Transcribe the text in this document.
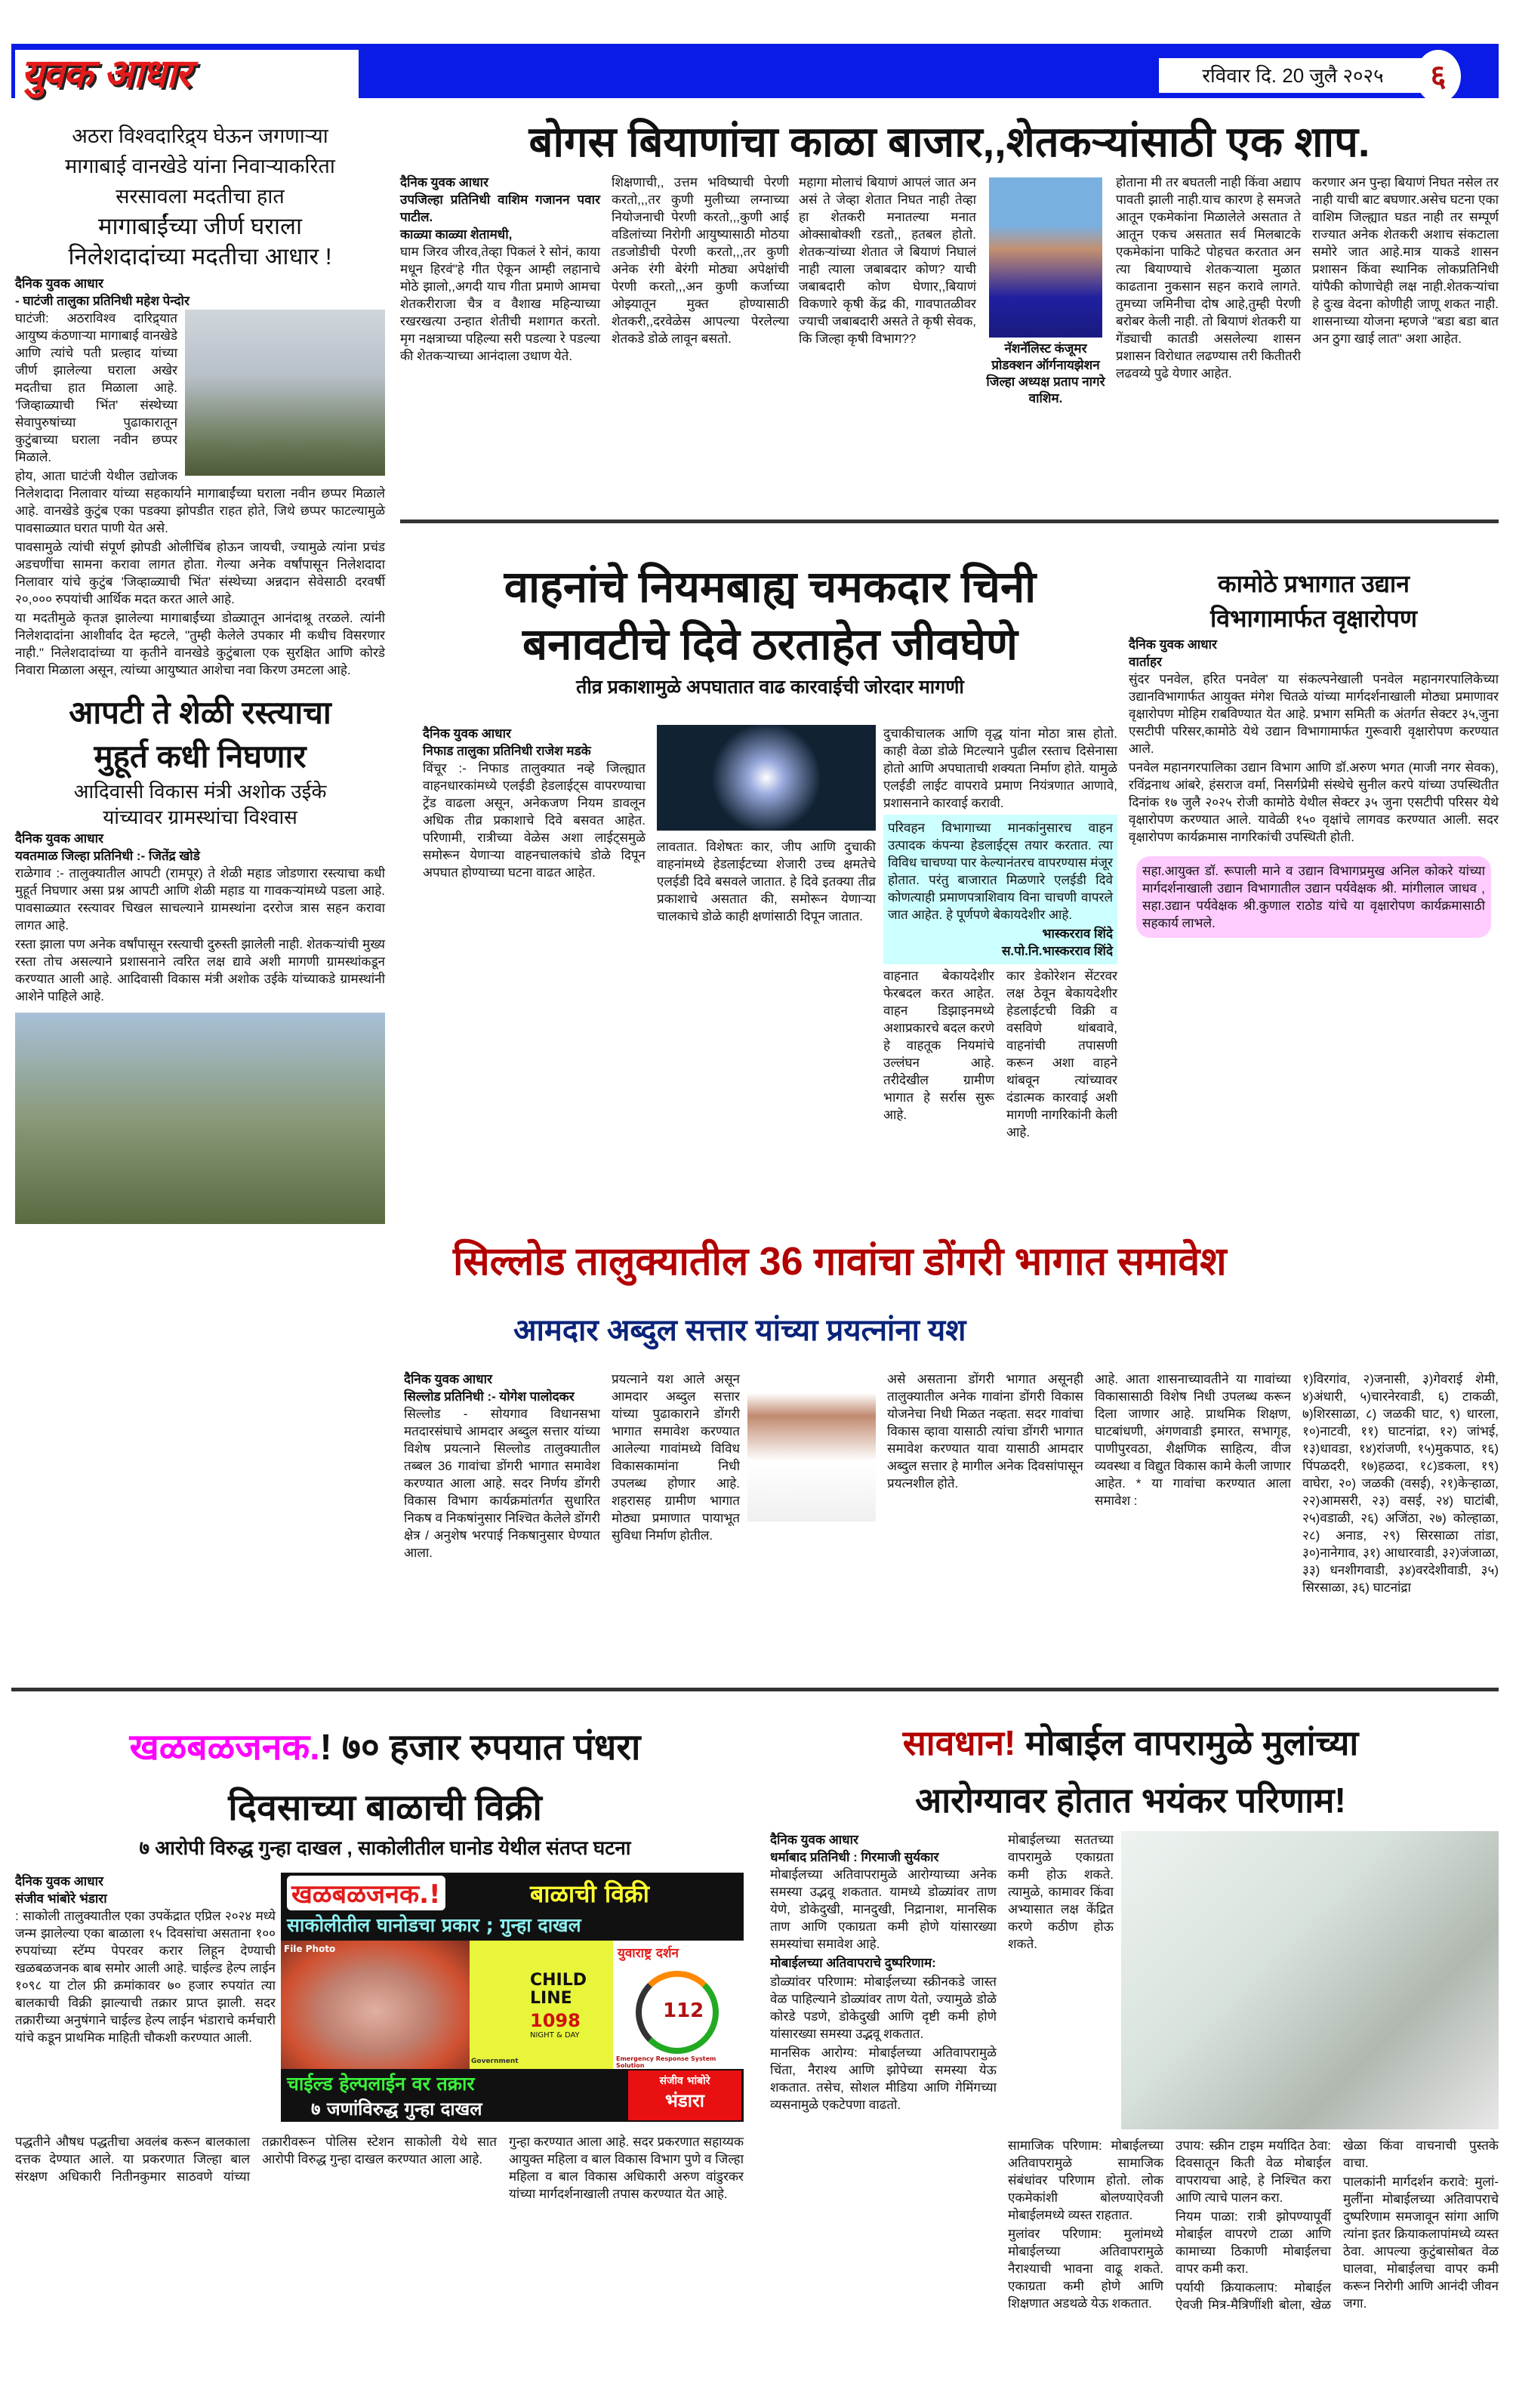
युवक आधार	रविवार दि. 20 जुलै २०२५	६
अठरा विश्वदारिद्र्य घेऊन जगणाऱ्या
मागाबाई वानखेडे यांना निवाऱ्याकरिता
सरसावला मदतीचा हात
मागाबाईंच्या जीर्ण घराला
निलेशदादांच्या मदतीचा आधार !
दैनिक युवक आधार
- घाटंजी तालुका प्रतिनिधी महेश पेन्दोर

घाटंजी: अठराविश्व दारिद्र्यात आयुष्य कंठणाऱ्या मागाबाई वानखेडे आणि त्यांचे पती प्रल्हाद यांच्या जीर्ण झालेल्या घराला अखेर मदतीचा हात मिळाला आहे. 'जिव्हाळ्याची भिंत' संस्थेच्या सेवापुरुषांच्या पुढाकारातून कुटुंबाच्या घराला नवीन छप्पर मिळाले.

होय, आता घाटंजी येथील उद्योजक निलेशदादा निलावार यांच्या सहकार्याने मागाबाईंच्या घराला नवीन छप्पर मिळाले आहे. वानखेडे कुटुंब एका पडक्या झोपडीत राहत होते, जिथे छप्पर फाटल्यामुळे पावसाळ्यात घरात पाणी येत असे.

पावसामुळे त्यांची संपूर्ण झोपडी ओलीचिंब होऊन जायची, ज्यामुळे त्यांना प्रचंड अडचणींचा सामना करावा लागत होता. गेल्या अनेक वर्षांपासून निलेशदादा निलावार यांचे कुटुंब 'जिव्हाळ्याची भिंत' संस्थेच्या अन्नदान सेवेसाठी दरवर्षी २०,००० रुपयांची आर्थिक मदत करत आले आहे.

या मदतीमुळे कृतज्ञ झालेल्या मागाबाईंच्या डोळ्यातून आनंदाश्रू तरळले. त्यांनी निलेशदादांना आशीर्वाद देत म्हटले, "तुम्ही केलेले उपकार मी कधीच विसरणार नाही." निलेशदादांच्या या कृतीने वानखेडे कुटुंबाला एक सुरक्षित आणि कोरडे निवारा मिळाला असून, त्यांच्या आयुष्यात आशेचा नवा किरण उमटला आहे.

आपटी ते शेळी रस्त्याचा
मुहूर्त कधी निघणार
आदिवासी विकास मंत्री अशोक उईके
यांच्यावर ग्रामस्थांचा विश्वास
दैनिक युवक आधार
यवतमाळ जिल्हा प्रतिनिधी :- जितेंद्र खोडे

राळेगाव :- तालुक्यातील आपटी (रामपूर) ते शेळी महाड जोडणारा रस्त्याचा कधी मुहूर्त निघणार असा प्रश्न आपटी आणि शेळी महाड या गावकऱ्यांमध्ये पडला आहे. पावसाळ्यात रस्त्यावर चिखल साचल्याने ग्रामस्थांना दररोज त्रास सहन करावा लागत आहे.

रस्ता झाला पण अनेक वर्षांपासून रस्त्याची दुरुस्ती झालेली नाही. शेतकऱ्यांची मुख्य रस्ता तोच असल्याने प्रशासनाने त्वरित लक्ष द्यावे अशी मागणी ग्रामस्थांकडून करण्यात आली आहे. आदिवासी विकास मंत्री अशोक उईके यांच्याकडे ग्रामस्थांनी आशेने पाहिले आहे.

बोगस बियाणांचा काळा बाजार,,शेतकऱ्यांसाठी एक शाप.
दैनिक युवक आधार
उपजिल्हा प्रतिनिधी वाशिम गजानन पवार पाटील.
काळ्या काळ्या शेतामधी,

घाम जिरव जीरव,तेव्हा पिकलं रे सोनं, काया मधून हिरवं"हे गीत ऐकून आम्ही लहानाचे मोठे झालो,,अगदी याच गीता प्रमाणे आमचा शेतकरीराजा चैत्र व वैशाख महिन्याच्या रखरखत्या उन्हात शेतीची मशागत करतो. मृग नक्षत्राच्या पहिल्या सरी पडल्या रे पडल्या की शेतकऱ्याच्या आनंदाला उधाण येते.

शिक्षणाची,, उत्तम भविष्याची पेरणी करतो,,,तर कुणी मुलीच्या लग्नाच्या नियोजनाची पेरणी करतो,,,कुणी आई वडिलांच्या निरोगी आयुष्यासाठी मोठया तडजोडीची पेरणी करतो,,,तर कुणी अनेक रंगी बेरंगी मोठ्या अपेक्षांची पेरणी करतो,,,अन कुणी कर्जाच्या ओझ्यातून मुक्त होण्यासाठी शेतकरी,,दरवेळेस आपल्या पेरलेल्या शेतकडे डोळे लावून बसतो.

महागा मोलाचं बियाणं आपलं जात अन असं ते जेव्हा शेतात निघत नाही तेव्हा हा शेतकरी मनातल्या मनात ओक्साबोक्शी रडतो,, हतबल होतो. शेतकऱ्यांच्या शेतात जे बियाणं निघालं नाही त्याला जबाबदार कोण? याची जबाबदारी कोण घेणार,,बियाणं विकणारे कृषी केंद्र की, गावपातळीवर ज्याची जबाबदारी असते ते कृषी सेवक, कि जिल्हा कृषी विभाग??

नॅशनॅलिस्ट कंजूमर प्रोडक्शन ऑर्गनायझेशन जिल्हा अध्यक्ष प्रताप नागरे वाशिम.

होताना मी तर बघतली नाही किंवा अद्याप पावती झाली नाही.याच कारण हे समजते आतून एकमेकांना मिळालेले असतात ते आतून एकच असतात सर्व मिलबाटके एकमेकांना पाकिटे पोहचत करतात अन त्या बियाण्याचे शेतकऱ्याला मुळात काढताना नुकसान सहन करावे लागते. तुमच्या जमिनीचा दोष आहे,तुम्ही पेरणी बरोबर केली नाही. तो बियाणं शेतकरी या गेंड्याची कातडी असलेल्या शासन प्रशासन विरोधात लढण्यास तरी कितीतरी लढवय्ये पुढे येणार आहेत.

करणार अन पुन्हा बियाणं निघत नसेल तर नाही याची बाट बघणार.असेच घटना एका वाशिम जिल्ह्यात घडत नाही तर सम्पूर्ण राज्यात अनेक शेतकरी अशाच संकटाला समोरे जात आहे.मात्र याकडे शासन प्रशासन किंवा स्थानिक लोकप्रतिनिधी यांपैकी कोणाचेही लक्ष नाही.शेतकऱ्यांचा हे दुःख वेदना कोणीही जाणू शकत नाही. शासनाच्या योजना म्हणजे "बडा बडा बात अन ठुगा खाई लात" अशा आहेत.

वाहनांचे नियमबाह्य चमकदार चिनी
बनावटीचे दिवे ठरताहेत जीवघेणे
तीव्र प्रकाशामुळे अपघातात वाढ कारवाईची जोरदार मागणी
दैनिक युवक आधार
निफाड तालुका प्रतिनिधी राजेश मडके

विंचूर :- निफाड तालुक्यात नव्हे जिल्ह्यात वाहनधारकांमध्ये एलईडी हेडलाईट्स वापरण्याचा ट्रेंड वाढला असून, अनेकजण नियम डावलून अधिक तीव्र प्रकाशाचे दिवे बसवत आहेत. परिणामी, रात्रीच्या वेळेस अशा लाईट्समुळे समोरून येणाऱ्या वाहनचालकांचे डोळे दिपून अपघात होण्याच्या घटना वाढत आहेत.

लावतात. विशेषतः कार, जीप आणि दुचाकी वाहनांमध्ये हेडलाईटच्या शेजारी उच्च क्षमतेचे एलईडी दिवे बसवले जातात. हे दिवे इतक्या तीव्र प्रकाशाचे असतात की, समोरून येणाऱ्या चालकाचे डोळे काही क्षणांसाठी दिपून जातात.

दुचाकीचालक आणि वृद्ध यांना मोठा त्रास होतो. काही वेळा डोळे मिटल्याने पुढील रस्ताच दिसेनासा होतो आणि अपघाताची शक्यता निर्माण होते. यामुळे एलईडी लाईट वापरावे प्रमाण नियंत्रणात आणावे, प्रशासनाने कारवाई करावी.

परिवहन विभागाच्या मानकांनुसारच वाहन उत्पादक कंपन्या हेडलाईट्स तयार करतात. त्या विविध चाचण्या पार केल्यानंतरच वापरण्यास मंजूर होतात. परंतु बाजारात मिळणारे एलईडी दिवे कोणत्याही प्रमाणपत्राशिवाय विना चाचणी वापरले जात आहेत. हे पूर्णपणे बेकायदेशीर आहे.

भास्करराव शिंदे
स.पो.नि.भास्करराव शिंदे

वाहनात बेकायदेशीर फेरबदल करत आहेत. वाहन डिझाइनमध्ये अशाप्रकारचे बदल करणे हे वाहतूक नियमांचे उल्लंघन आहे. तरीदेखील ग्रामीण भागात हे सर्रास सुरू आहे.

कार डेकोरेशन सेंटरवर लक्ष ठेवून बेकायदेशीर हेडलाईटची विक्री व वसविणे थांबवावे, वाहनांची तपासणी करून अशा वाहने थांबवून त्यांच्यावर दंडात्मक कारवाई अशी मागणी नागरिकांनी केली आहे.

कामोठे प्रभागात उद्यान
विभागामार्फत वृक्षारोपण
दैनिक युवक आधार
वार्ताहर

सुंदर पनवेल, हरित पनवेल' या संकल्पनेखाली पनवेल महानगरपालिकेच्या उद्यानविभागार्फत आयुक्त मंगेश चितळे यांच्या मार्गदर्शनाखाली मोठ्या प्रमाणावर वृक्षारोपण मोहिम राबविण्यात येत आहे. प्रभाग समिती क अंतर्गत सेक्टर ३५,जुना एसटीपी परिसर,कामोठे येथे उद्यान विभागामार्फत गुरूवारी वृक्षारोपण करण्यात आले.

पनवेल महानगरपालिका उद्यान विभाग आणि डॉ.अरुण भगत (माजी नगर सेवक), रविंद्रनाथ आंबरे, हंसराज वर्मा, निसर्गप्रेमी संस्थेचे सुनील करपे यांच्या उपस्थितीत दिनांक १७ जुलै २०२५ रोजी कामोठे येथील सेक्टर ३५ जुना एसटीपी परिसर येथे वृक्षारोपण करण्यात आले. यावेळी १५० वृक्षांचे लागवड करण्यात आली. सदर वृक्षारोपण कार्यक्रमास नागरिकांची उपस्थिती होती.

सहा.आयुक्त डॉ. रूपाली माने व उद्यान विभागप्रमुख अनिल कोकरे यांच्या मार्गदर्शनाखाली उद्यान विभागातील उद्यान पर्यवेक्षक श्री. मांगीलाल जाधव , सहा.उद्यान पर्यवेक्षक श्री.कुणाल राठोड यांचे या वृक्षारोपण कार्यक्रमासाठी सहकार्य लाभले.
सिल्लोड तालुक्यातील 36 गावांचा डोंगरी भागात समावेश
आमदार अब्दुल सत्तार यांच्या प्रयत्नांना यश
दैनिक युवक आधार
सिल्लोड प्रतिनिधी :- योगेश पालोदकर

सिल्लोड - सोयगाव विधानसभा मतदारसंघाचे आमदार अब्दुल सत्तार यांच्या विशेष प्रयत्नाने सिल्लोड तालुक्यातील तब्बल 36 गावांचा डोंगरी भागात समावेश करण्यात आला आहे. सदर निर्णय डोंगरी विकास विभाग कार्यक्रमांतर्गत सुधारित निकष व निकषांनुसार निश्चित केलेले डोंगरी क्षेत्र / अनुशेष भरपाई निकषानुसार घेण्यात आला.

प्रयत्नाने यश आले असून आमदार अब्दुल सत्तार यांच्या पुढाकाराने डोंगरी भागात समावेश करण्यात आलेल्या गावांमध्ये विविध विकासकामांना निधी उपलब्ध होणार आहे. शहरासह ग्रामीण भागात मोठ्या प्रमाणात पायाभूत सुविधा निर्माण होतील.

असे असताना डोंगरी भागात असूनही तालुक्यातील अनेक गावांना डोंगरी विकास योजनेचा निधी मिळत नव्हता. सदर गावांचा विकास व्हावा यासाठी त्यांचा डोंगरी भागात समावेश करण्यात यावा यासाठी आमदार अब्दुल सत्तार हे मागील अनेक दिवसांपासून प्रयत्नशील होते.

आहे. आता शासनाच्यावतीने या गावांच्या विकासासाठी विशेष निधी उपलब्ध करून दिला जाणार आहे. प्राथमिक शिक्षण, घाटबांधणी, अंगणवाडी इमारत, सभागृह, पाणीपुरवठा, शैक्षणिक साहित्य, वीज व्यवस्था व विद्युत विकास कामे केली जाणार आहेत. * या गावांचा करण्यात आला समावेश :

१)विरगांव, २)जनासी, ३)गेवराई शेमी, ४)अंधारी, ५)चारनेरवाडी, ६) टाकळी, ७)शिरसाळा, ८) जळकी घाट, ९) धारला, १०)नाटवी, ११) घाटनांद्रा, १२) जांभई, १३)धावडा, १४)रांजणी, १५)मुकपाठ, १६) पिंपळदरी, १७)हळदा, १८)डकला, १९) वाघेरा, २०) जळकी (वसई), २१)केऱ्हाळा, २२)आमसरी, २३) वसई, २४) घाटांबी, २५)वडाळी, २६) अजिंठा, २७) कोल्हाळा, २८) अनाड, २९) सिरसाळा तांडा, ३०)नानेगाव, ३१) आधारवाडी, ३२)जंजाळा, ३३) धनशीगवाडी, ३४)वरदेशीवाडी, ३५) सिरसाळा, ३६) घाटनांद्रा

खळबळजनक.! ७० हजार रुपयात पंधरा
दिवसाच्या बाळाची विक्री
७ आरोपी विरुद्ध गुन्हा दाखल , साकोलीतील घानोड येथील संतप्त घटना
दैनिक युवक आधार
संजीव भांबोरे भंडारा

: साकोली तालुक्यातील एका उपकेंद्रात एप्रिल २०२४ मध्ये जन्म झालेल्या एका बाळाला १५ दिवसांचा असताना १०० रुपयांच्या स्टॅम्प पेपरवर करार लिहून देण्याची खळबळजनक बाब समोर आली आहे. चाईल्ड हेल्प लाईन १०९८ या टोल फ्री क्रमांकावर ७० हजार रुपयांत त्या बालकाची विक्री झाल्याची तक्रार प्राप्त झाली. सदर तक्रारीच्या अनुषंगाने चाईल्ड हेल्प लाईन भंडाराचे कर्मचारी यांचे कडून प्राथमिक माहिती चौकशी करण्यात आली.

खळबळजनक.!	बाळाची विक्री
साकोलीतील घानोडचा प्रकार ; गुन्हा दाखल
File Photo
CHILD
LINE
1098
NIGHT & DAY
Government
युवाराष्ट्र दर्शन
112
Emergency Response System Solution
चाईल्ड हेल्पलाईन वर तक्रार
७ जणांविरुद्ध गुन्हा दाखल
संजीव भांबोरे
भंडारा

पद्धतीने औषध पद्धतीचा अवलंब करून बालकाला दत्तक देण्यात आले. या प्रकरणात जिल्हा बाल संरक्षण अधिकारी नितीनकुमार साठवणे यांच्या तक्रारीवरून पोलिस स्टेशन साकोली येथे सात आरोपी विरुद्ध गुन्हा दाखल करण्यात आला आहे.

गुन्हा करण्यात आला आहे. सदर प्रकरणात सहाय्यक आयुक्त महिला व बाल विकास विभाग पुणे व जिल्हा महिला व बाल विकास अधिकारी अरुण वांडुरकर यांच्या मार्गदर्शनाखाली तपास करण्यात येत आहे.

सावधान! मोबाईल वापरामुळे मुलांच्या
आरोग्यावर होतात भयंकर परिणाम!
दैनिक युवक आधार
धर्माबाद प्रतिनिधी : गिरमाजी सुर्यकार

मोबाईलच्या अतिवापरामुळे आरोग्याच्या अनेक समस्या उद्भवू शकतात. यामध्ये डोळ्यांवर ताण येणे, डोकेदुखी, मानदुखी, निद्रानाश, मानसिक ताण आणि एकाग्रता कमी होणे यांसारख्या समस्यांचा समावेश आहे.

मोबाईलच्या अतिवापराचे दुष्परिणाम:

डोळ्यांवर परिणाम: मोबाईलच्या स्क्रीनकडे जास्त वेळ पाहिल्याने डोळ्यांवर ताण येतो, ज्यामुळे डोळे कोरडे पडणे, डोकेदुखी आणि दृष्टी कमी होणे यांसारख्या समस्या उद्भवू शकतात.

मानसिक आरोग्य: मोबाईलच्या अतिवापरामुळे चिंता, नैराश्य आणि झोपेच्या समस्या येऊ शकतात. तसेच, सोशल मीडिया आणि गेमिंगच्या व्यसनामुळे एकटेपणा वाढतो.

मोबाईलच्या सततच्या वापरामुळे एकाग्रता कमी होऊ शकते. त्यामुळे, कामावर किंवा अभ्यासात लक्ष केंद्रित करणे कठीण होऊ शकते.

सामाजिक परिणाम: मोबाईलच्या अतिवापरामुळे सामाजिक संबंधांवर परिणाम होतो. लोक एकमेकांशी बोलण्याऐवजी मोबाईलमध्ये व्यस्त राहतात.

मुलांवर परिणाम: मुलांमध्ये मोबाईलच्या अतिवापरामुळे नैराश्याची भावना वाढू शकते. एकाग्रता कमी होणे आणि शिक्षणात अडथळे येऊ शकतात.

उपाय: स्क्रीन टाइम मर्यादित ठेवा: दिवसातून किती वेळ मोबाईल वापरायचा आहे, हे निश्चित करा आणि त्याचे पालन करा.

नियम पाळा: रात्री झोपण्यापूर्वी मोबाईल वापरणे टाळा आणि कामाच्या ठिकाणी मोबाईलचा वापर कमी करा.

पर्यायी क्रियाकलाप: मोबाईल ऐवजी मित्र-मैत्रिणींशी बोला, खेळ खेळा किंवा वाचनाची पुस्तके वाचा.

पालकांनी मार्गदर्शन करावे: मुलां-मुलींना मोबाईलच्या अतिवापराचे दुष्परिणाम समजावून सांगा आणि त्यांना इतर क्रियाकलापांमध्ये व्यस्त ठेवा. आपल्या कुटुंबासोबत वेळ घालवा, मोबाईलचा वापर कमी करून निरोगी आणि आनंदी जीवन जगा.
